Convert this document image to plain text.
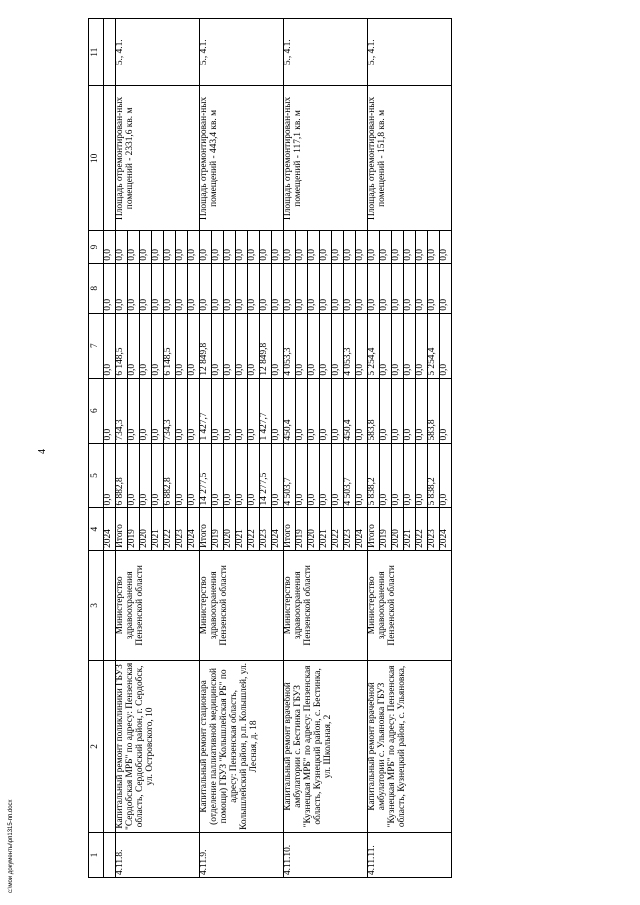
4
1	2	3	4	5	6	7	8	9	10	11
			2024	0,0	0,0	0,0	0,0	0,0		
4.11.8.	Капитальный ремонт поликлиники ГБУЗ "Сердобская МРБ" по адресу: Пензенская область, Сердобский район, г. Сердобск, ул. Островского, 10	Министерство здравоохранения Пензенской области	Итого	6 882,8	734,3	6 148,5	0,0	0,0	Площадь отремонтирован-ных помещений - 2331,6 кв. м	5., 4.1.
			2019	0,0	0,0	0,0	0,0	0,0		
			2020	0,0	0,0	0,0	0,0	0,0		
			2021	0,0	0,0	0,0	0,0	0,0		
			2022	6 882,8	734,3	6 148,5	0,0	0,0		
			2023	0,0	0,0	0,0	0,0	0,0		
			2024	0,0	0,0	0,0	0,0	0,0		
4.11.9.	Капитальный ремонт стационара (отделение паллиативной медицинской помощи) ГБУЗ "Колышлейская РБ" по адресу: Пензенская область, Колышлейский район, р.п. Колышлей, ул. Лесная, д. 18	Министерство здравоохранения Пензенской области	Итого	14 277,5	1 427,7	12 849,8	0,0	0,0	Площадь отремонтирован-ных помещений - 443,4 кв. м	5., 4.1.
			2019	0,0	0,0	0,0	0,0	0,0		
			2020	0,0	0,0	0,0	0,0	0,0		
			2021	0,0	0,0	0,0	0,0	0,0		
			2022	0,0	0,0	0,0	0,0	0,0		
			2023	14 277,5	1 427,7	12 849,8	0,0	0,0		
			2024	0,0	0,0	0,0	0,0	0,0		
4.11.10.	Капитальный ремонт врачебной амбулатории с. Бестинка ГБУЗ "Кузнецкая МРБ" по адресу: Пензенская область, Кузнецкий район, с. Бестинка, ул. Школьная, 2	Министерство здравоохранения Пензенской области	Итого	4 503,7	450,4	4 053,3	0,0	0,0	Площадь отремонтирован-ных помещений - 117,1 кв. м	5., 4.1.
			2019	0,0	0,0	0,0	0,0	0,0		
			2020	0,0	0,0	0,0	0,0	0,0		
			2021	0,0	0,0	0,0	0,0	0,0		
			2022	0,0	0,0	0,0	0,0	0,0		
			2023	4 503,7	450,4	4 053,3	0,0	0,0		
			2024	0,0	0,0	0,0	0,0	0,0		
4.11.11.	Капитальный ремонт врачебной амбулатории с. Ульяновка ГБУЗ "Кузнецкая МРБ" по адресу: Пензенская область, Кузнецкий район, с. Ульяновка,	Министерство здравоохранения Пензенской области	Итого	5 838,2	583,8	5 254,4	0,0	0,0	Площадь отремонтирован-ных помещений - 151,8 кв. м	5., 4.1.
			2019	0,0	0,0	0,0	0,0	0,0		
			2020	0,0	0,0	0,0	0,0	0,0		
			2021	0,0	0,0	0,0	0,0	0,0		
			2022	0,0	0,0	0,0	0,0	0,0		
			2023	5 838,2	583,8	5 254,4	0,0	0,0		
			2024	0,0	0,0	0,0	0,0	0,0		
c:\мои документы\рп1315-пп.docx
